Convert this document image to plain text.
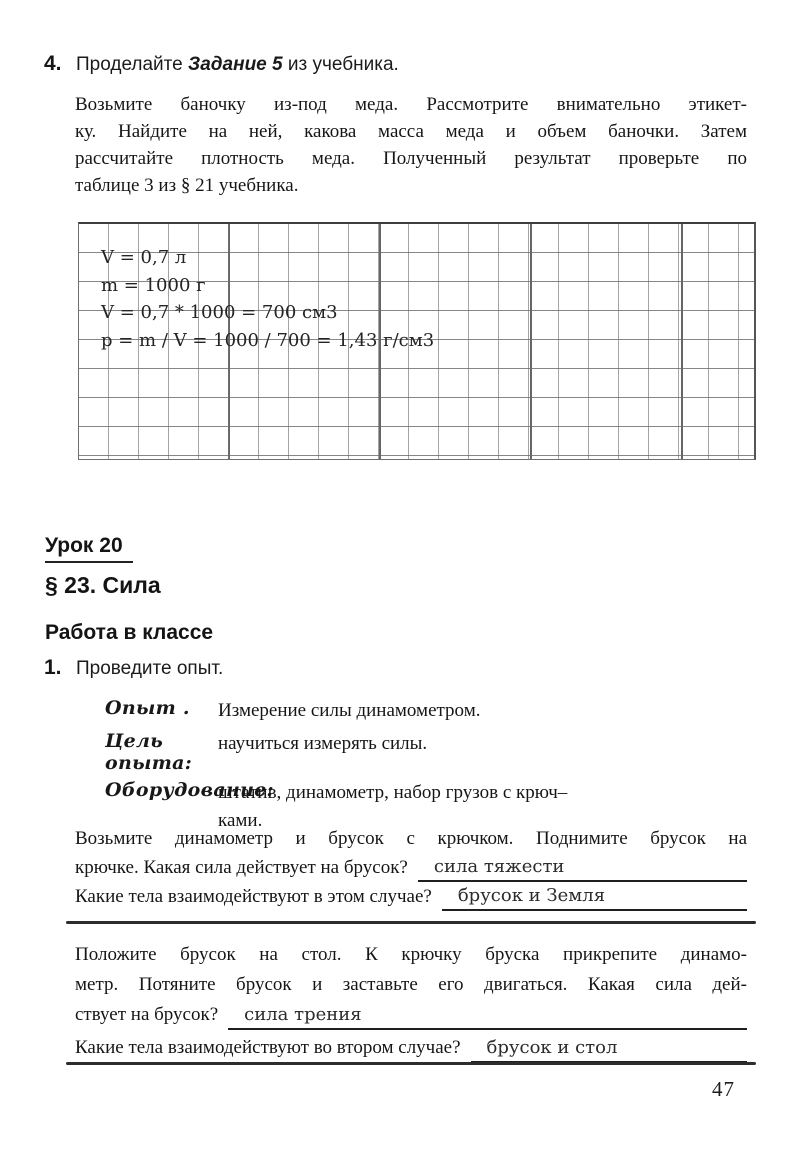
4. Проделайте Задание 5 из учебника.
Возьмите баночку из-под меда. Рассмотрите внимательно этикет-
ку. Найдите на ней, какова масса меда и объем баночки. Затем
рассчитайте плотность меда. Полученный результат проверьте по
таблице 3 из § 21 учебника.
V = 0,7 л
m = 1000 г
V = 0,7 * 1000 = 700 см3
p = m / V = 1000 / 700 = 1,43 г/см3
Урок 20
§ 23. Сила
Работа в классе
1. Проведите опыт.
Опыт .	Измерение силы динамометром.
Цель опыта:
научиться измерять силы.
Оборудование:
штатив, динамометр, набор грузов с крюч–
ками.
Возьмите динамометр и брусок с крючком. Поднимите брусок на
крючке. Какая сила действует на брусок?	сила тяжести
Какие тела взаимодействуют в этом случае?	брусок и Земля
Положите брусок на стол. К крючку бруска прикрепите динамо-
метр. Потяните брусок и заставьте его двигаться. Какая сила дей-
ствует на брусок?	сила трения
Какие тела взаимодействуют во втором случае?	брусок и стол
47
